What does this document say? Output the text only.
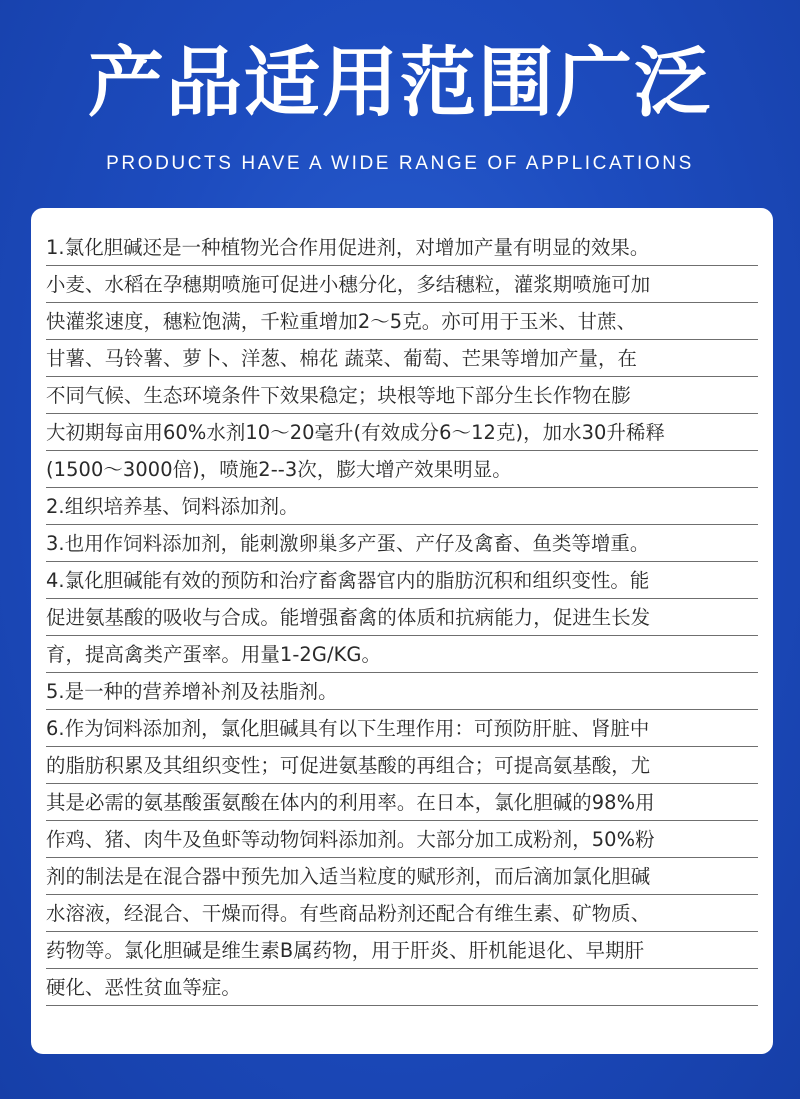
产品适用范围广泛
PRODUCTS HAVE A WIDE RANGE OF APPLICATIONS
1.氯化胆碱还是一种植物光合作用促进剂，对增加产量有明显的效果。
小麦、水稻在孕穗期喷施可促进小穗分化，多结穗粒，灌浆期喷施可加
快灌浆速度，穗粒饱满，千粒重增加2～5克。亦可用于玉米、甘蔗、
甘薯、马铃薯、萝卜、洋葱、棉花 蔬菜、葡萄、芒果等增加产量，在
不同气候、生态环境条件下效果稳定；块根等地下部分生长作物在膨
大初期每亩用60%水剂10～20毫升(有效成分6～12克)，加水30升稀释
(1500～3000倍)，喷施2--3次，膨大增产效果明显。
2.组织培养基、饲料添加剂。
3.也用作饲料添加剂，能刺激卵巢多产蛋、产仔及禽畜、鱼类等增重。
4.氯化胆碱能有效的预防和治疗畜禽器官内的脂肪沉积和组织变性。能
促进氨基酸的吸收与合成。能增强畜禽的体质和抗病能力，促进生长发
育，提高禽类产蛋率。用量1-2G/KG。
5.是一种的营养增补剂及祛脂剂。
6.作为饲料添加剂，氯化胆碱具有以下生理作用：可预防肝脏、肾脏中
的脂肪积累及其组织变性；可促进氨基酸的再组合；可提高氨基酸，尤
其是必需的氨基酸蛋氨酸在体内的利用率。在日本，氯化胆碱的98%用
作鸡、猪、肉牛及鱼虾等动物饲料添加剂。大部分加工成粉剂，50%粉
剂的制法是在混合器中预先加入适当粒度的赋形剂，而后滴加氯化胆碱
水溶液，经混合、干燥而得。有些商品粉剂还配合有维生素、矿物质、
药物等。氯化胆碱是维生素B属药物，用于肝炎、肝机能退化、早期肝
硬化、恶性贫血等症。
